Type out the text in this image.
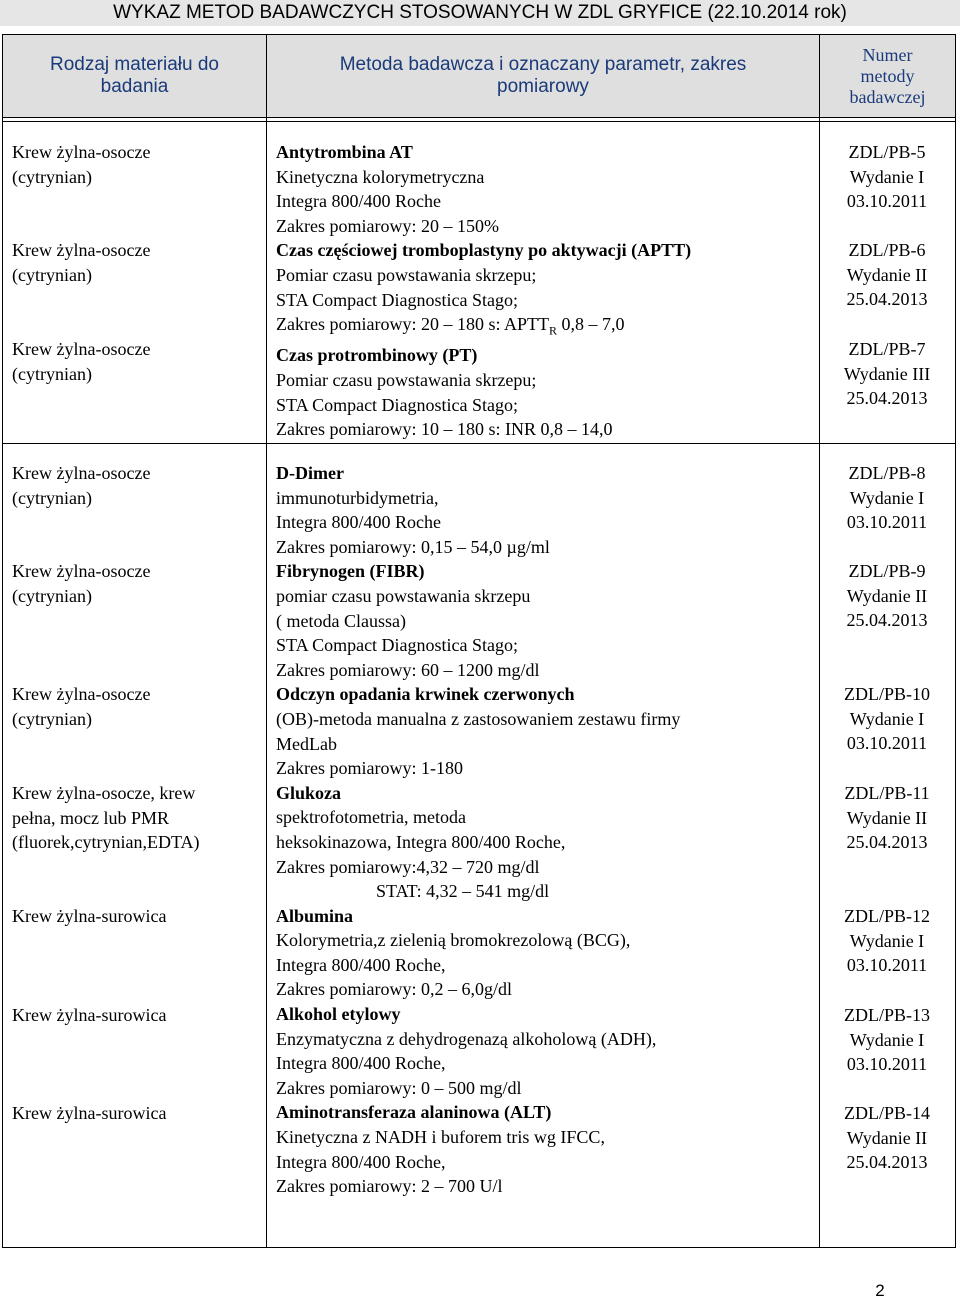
WYKAZ METOD BADAWCZYCH STOSOWANYCH W ZDL GRYFICE (22.10.2014 rok)
Rodzaj materiału do
badania
Metoda badawcza i oznaczany parametr, zakres
pomiarowy
Numer
metody
badawczej
Krew żylna-osocze
(cytrynian)
Krew żylna-osocze
(cytrynian)
Krew żylna-osocze
(cytrynian)
Antytrombina AT
Kinetyczna kolorymetryczna
Integra 800/400 Roche
Zakres pomiarowy: 20 – 150%
Czas częściowej tromboplastyny po aktywacji (APTT)
Pomiar czasu powstawania skrzepu;
STA Compact Diagnostica Stago;
Zakres pomiarowy: 20 – 180 s: $APTT_R$ 0,8 – 7,0
Czas protrombinowy (PT)
Pomiar czasu powstawania skrzepu;
STA Compact Diagnostica Stago;
Zakres pomiarowy: 10 – 180 s: INR 0,8 – 14,0
ZDL/PB-5
Wydanie I
03.10.2011
ZDL/PB-6
Wydanie II
25.04.2013
ZDL/PB-7
Wydanie III
25.04.2013
Krew żylna-osocze
(cytrynian)
Krew żylna-osocze
(cytrynian)
Krew żylna-osocze
(cytrynian)
Krew żylna-osocze, krew
pełna, mocz lub PMR
(fluorek,cytrynian,EDTA)
Krew żylna-surowica
Krew żylna-surowica
Krew żylna-surowica
D-Dimer
immunoturbidymetria,
Integra 800/400 Roche
Zakres pomiarowy: 0,15 – 54,0 µg/ml
Fibrynogen (FIBR)
pomiar czasu powstawania skrzepu
( metoda Claussa)
STA Compact Diagnostica Stago;
Zakres pomiarowy: 60 – 1200 mg/dl
Odczyn opadania krwinek czerwonych
(OB)-metoda manualna z zastosowaniem zestawu firmy
MedLab
Zakres pomiarowy: 1-180
Glukoza
spektrofotometria, metoda
heksokinazowa, Integra 800/400 Roche,
Zakres pomiarowy:4,32 – 720 mg/dl
STAT: 4,32 – 541 mg/dl
Albumina
Kolorymetria,z zielenią bromokrezolową (BCG),
Integra 800/400 Roche,
Zakres pomiarowy: 0,2 – 6,0g/dl
Alkohol etylowy
Enzymatyczna z dehydrogenazą alkoholową (ADH),
Integra 800/400 Roche,
Zakres pomiarowy: 0 – 500 mg/dl
Aminotransferaza alaninowa (ALT)
Kinetyczna z NADH i buforem tris wg IFCC,
Integra 800/400 Roche,
Zakres pomiarowy: 2 – 700 U/l
ZDL/PB-8
Wydanie I
03.10.2011
ZDL/PB-9
Wydanie II
25.04.2013
ZDL/PB-10
Wydanie I
03.10.2011
ZDL/PB-11
Wydanie II
25.04.2013
ZDL/PB-12
Wydanie I
03.10.2011
ZDL/PB-13
Wydanie I
03.10.2011
ZDL/PB-14
Wydanie II
25.04.2013
2
